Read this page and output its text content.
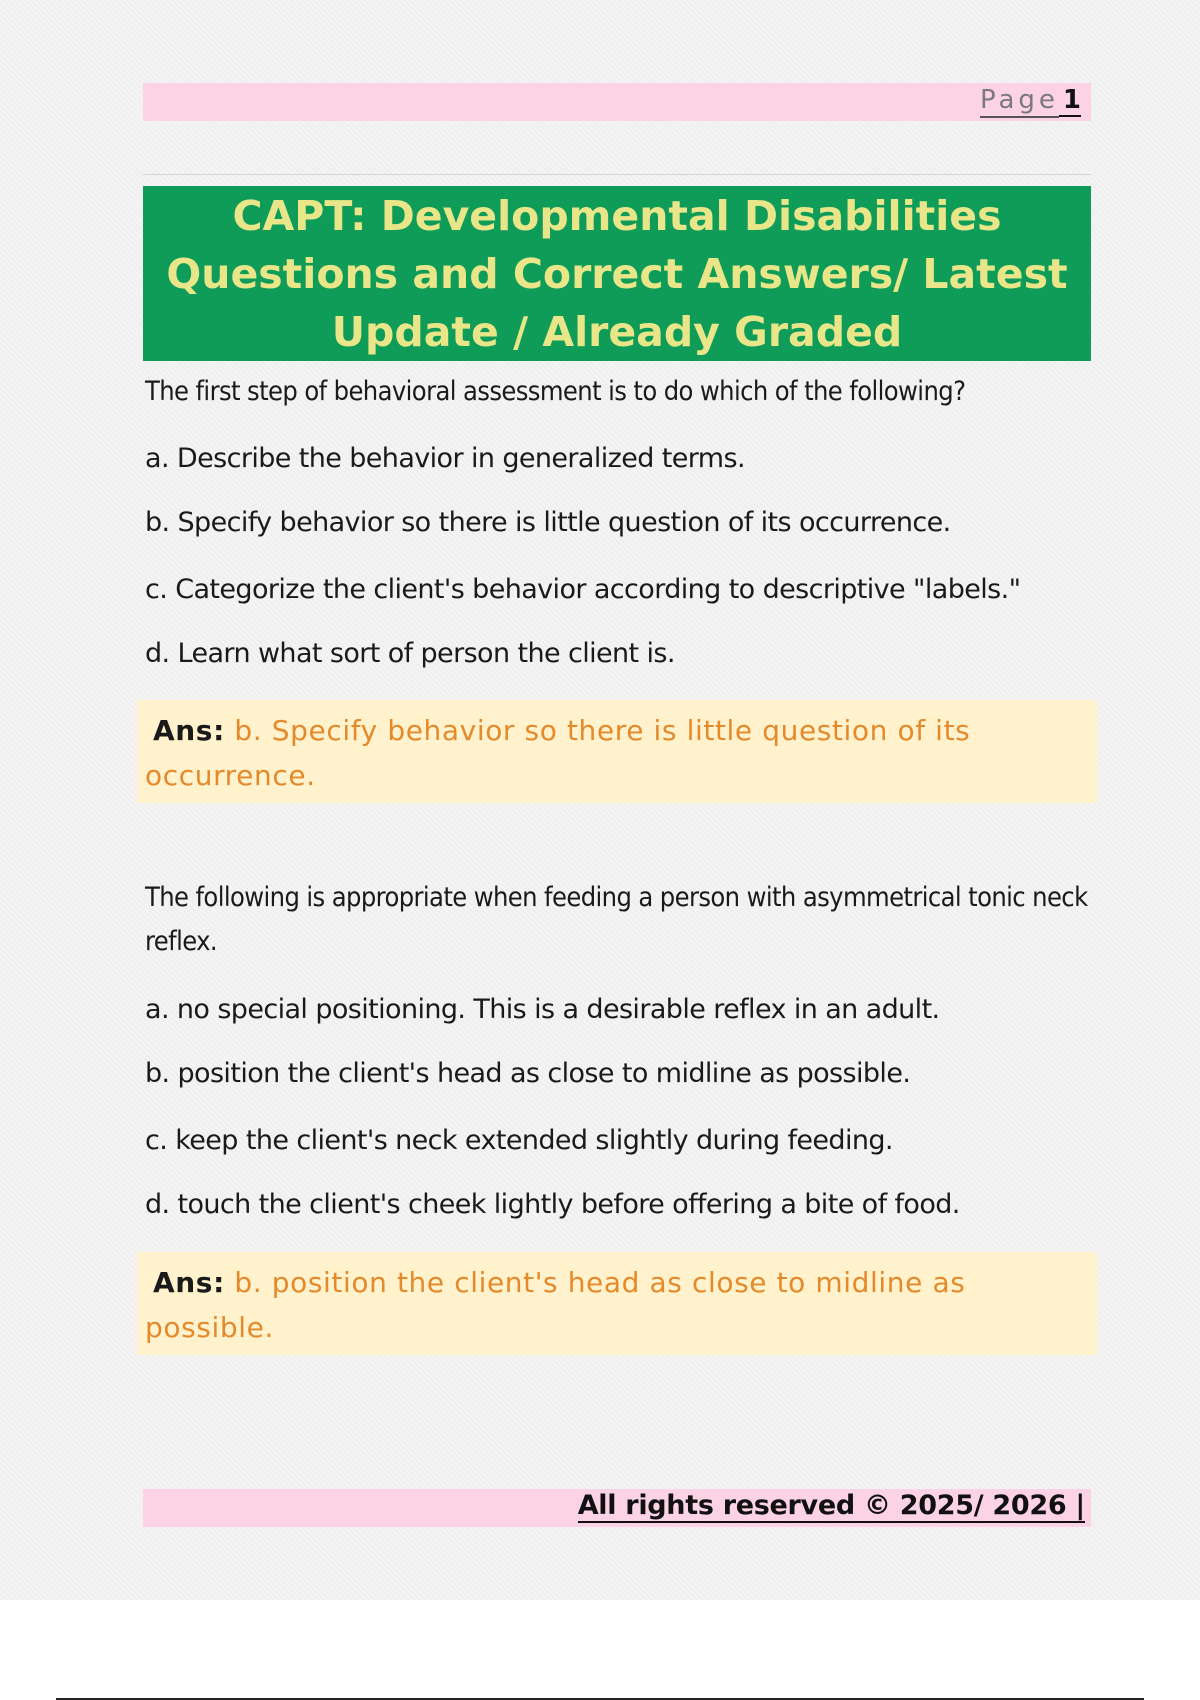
Page 1
CAPT: Developmental Disabilities Questions and Correct Answers/ Latest Update / Already Graded
The first step of behavioral assessment is to do which of the following?
a. Describe the behavior in generalized terms.
b. Specify behavior so there is little question of its occurrence.
c. Categorize the client's behavior according to descriptive "labels."
d. Learn what sort of person the client is.
Ans: b. Specify behavior so there is little question of its occurrence.
The following is appropriate when feeding a person with asymmetrical tonic neck reflex.
a. no special positioning. This is a desirable reflex in an adult.
b. position the client's head as close to midline as possible.
c. keep the client's neck extended slightly during feeding.
d. touch the client's cheek lightly before offering a bite of food.
Ans: b. position the client's head as close to midline as possible.
All rights reserved © 2025/ 2026 |
